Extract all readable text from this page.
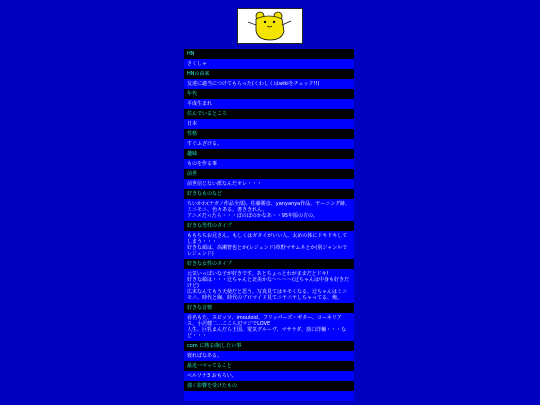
HN
さくしゃ
HNの由来
友達に適当につけてもらった(くわしくはwikiをチェック!!)
年代
平成生まれ
住んでいるところ
日本
性格
すぐふざける。
趣味
ものを作る事
前世
前世信じない派なんだオレ・・・
好きなものなど
ちいかわ(ナガノ作品全部)、佐藤勝彦、yanyanya作品、ヤーニング跡、ミニモニ、色々ある。書ききれん。
アニメだったら・・・ぼのぼのかなあ・・95年版の方の。
好きな男性のタイプ
ももちちお兄さん。もしくはガタイがいい人。太めの体にドキドキしてしまう・・・
好きな顔は、高瀬智也とか(レジェンド)草野マサムネとか(別ジャンルでレジェンド)
好きな女性のタイプ
元気いっぱいな子が好きです。あとちょっとわがままだとドキ!
好きな顔は・・・辻ちゃんと北美かな〜〜〜〜(辻ちゃんは中身も好きだけど)
広末なんてもう天使だと思う。写真見てはキモくなる。辻ちゃんはミニモニ、時代と胸、時代のブロマイド見てニヤニヤしちゃってる、俺。
好きな音楽
看名もた、スピッツ、imouloid、フリッパーズ・ギター、コーネリアス、小沢健二…ここら辺マジでLOVE
人生、巨乳まんだら王国、電気グルーヴ、マサラダ、筋口洋輔・・・など・・・
com に熱る曲(したい事
寝ればなある。
最近ハマってること
ベルソナ3 おもろい。
強く影響を受けたもの
